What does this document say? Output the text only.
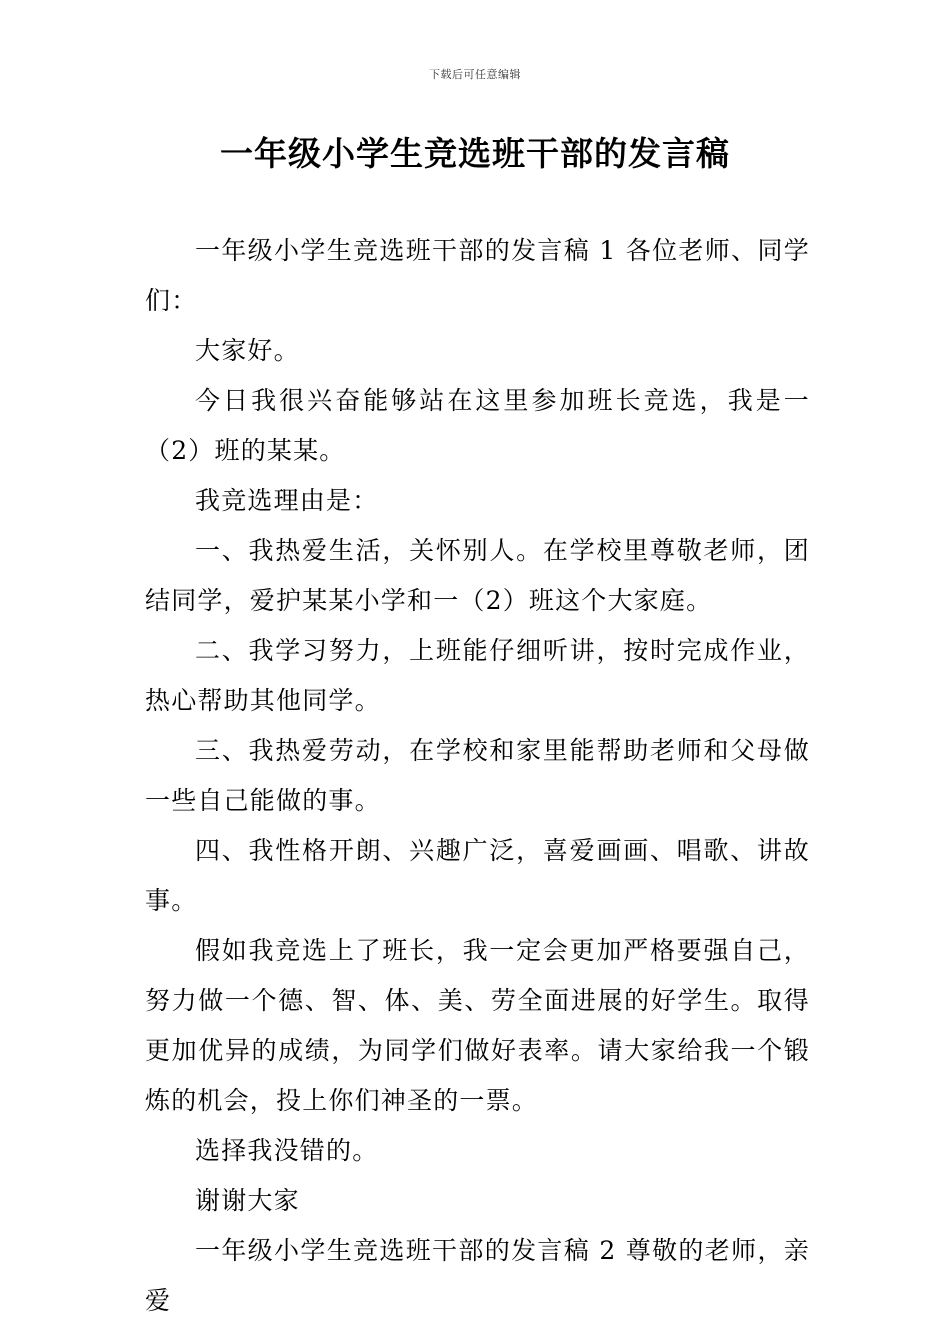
下载后可任意编辑
一年级小学生竞选班干部的发言稿

一年级小学生竞选班干部的发言稿 1 各位老师、同学们：

大家好。

今日我很兴奋能够站在这里参加班长竞选，我是一（2）班的某某。

我竞选理由是：

一、我热爱生活，关怀别人。在学校里尊敬老师，团结同学，爱护某某小学和一（2）班这个大家庭。

二、我学习努力，上班能仔细听讲，按时完成作业，热心帮助其他同学。

三、我热爱劳动，在学校和家里能帮助老师和父母做一些自己能做的事。

四、我性格开朗、兴趣广泛，喜爱画画、唱歌、讲故事。

假如我竞选上了班长，我一定会更加严格要强自己，努力做一个德、智、体、美、劳全面进展的好学生。取得更加优异的成绩，为同学们做好表率。请大家给我一个锻炼的机会，投上你们神圣的一票。

选择我没错的。

谢谢大家

一年级小学生竞选班干部的发言稿 2 尊敬的老师，亲爱
